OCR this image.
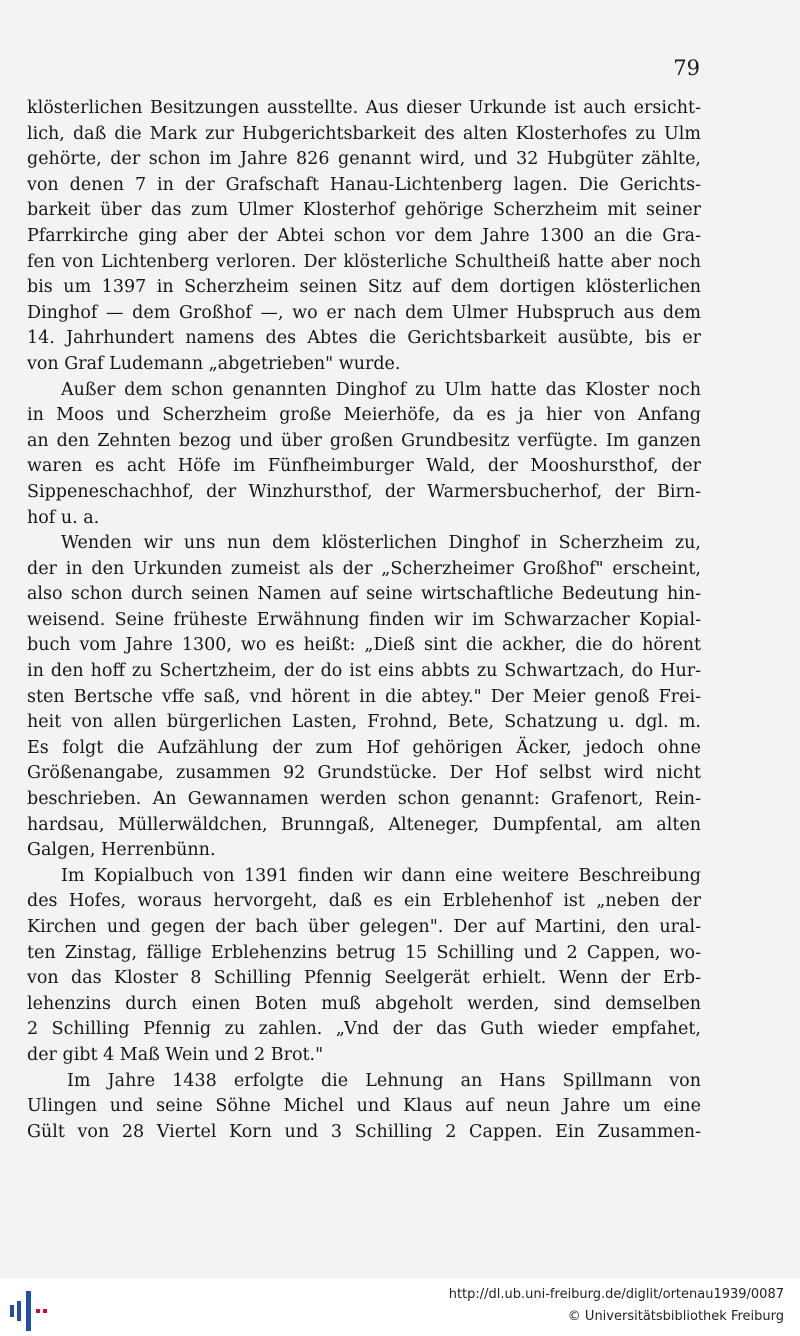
79
klösterlichen Besitzungen ausstellte. Aus dieser Urkunde ist auch ersicht-
lich, daß die Mark zur Hubgerichtsbarkeit des alten Klosterhofes zu Ulm
gehörte, der schon im Jahre 826 genannt wird, und 32 Hubgüter zählte,
von denen 7 in der Grafschaft Hanau-Lichtenberg lagen. Die Gerichts-
barkeit über das zum Ulmer Klosterhof gehörige Scherzheim mit seiner
Pfarrkirche ging aber der Abtei schon vor dem Jahre 1300 an die Gra-
fen von Lichtenberg verloren. Der klösterliche Schultheiß hatte aber noch
bis um 1397 in Scherzheim seinen Sitz auf dem dortigen klösterlichen
Dinghof — dem Großhof —, wo er nach dem Ulmer Hubspruch aus dem
14. Jahrhundert namens des Abtes die Gerichtsbarkeit ausübte, bis er
von Graf Ludemann „abgetrieben" wurde.
Außer dem schon genannten Dinghof zu Ulm hatte das Kloster noch
in Moos und Scherzheim große Meierhöfe, da es ja hier von Anfang
an den Zehnten bezog und über großen Grundbesitz verfügte. Im ganzen
waren es acht Höfe im Fünfheimburger Wald, der Mooshursthof, der
Sippeneschachhof, der Winzhursthof, der Warmersbucherhof, der Birn-
hof u. a.
Wenden wir uns nun dem klösterlichen Dinghof in Scherzheim zu,
der in den Urkunden zumeist als der „Scherzheimer Großhof" erscheint,
also schon durch seinen Namen auf seine wirtschaftliche Bedeutung hin-
weisend. Seine früheste Erwähnung finden wir im Schwarzacher Kopial-
buch vom Jahre 1300, wo es heißt: „Dieß sint die ackher, die do hörent
in den hoff zu Schertzheim, der do ist eins abbts zu Schwartzach, do Hur-
sten Bertsche vffe saß, vnd hörent in die abtey." Der Meier genoß Frei-
heit von allen bürgerlichen Lasten, Frohnd, Bete, Schatzung u. dgl. m.
Es folgt die Aufzählung der zum Hof gehörigen Äcker, jedoch ohne
Größenangabe, zusammen 92 Grundstücke. Der Hof selbst wird nicht
beschrieben. An Gewannamen werden schon genannt: Grafenort, Rein-
hardsau, Müllerwäldchen, Brunngaß, Alteneger, Dumpfental, am alten
Galgen, Herrenbünn.
Im Kopialbuch von 1391 finden wir dann eine weitere Beschreibung
des Hofes, woraus hervorgeht, daß es ein Erblehenhof ist „neben der
Kirchen und gegen der bach über gelegen". Der auf Martini, den ural-
ten Zinstag, fällige Erblehenzins betrug 15 Schilling und 2 Cappen, wo-
von das Kloster 8 Schilling Pfennig Seelgerät erhielt. Wenn der Erb-
lehenzins durch einen Boten muß abgeholt werden, sind demselben
2 Schilling Pfennig zu zahlen. „Vnd der das Guth wieder empfahet,
der gibt 4 Maß Wein und 2 Brot."
Im Jahre 1438 erfolgte die Lehnung an Hans Spillmann von
Ulingen und seine Söhne Michel und Klaus auf neun Jahre um eine
Gült von 28 Viertel Korn und 3 Schilling 2 Cappen. Ein Zusammen-
http://dl.ub.uni-freiburg.de/diglit/ortenau1939/0087
© Universitätsbibliothek Freiburg
